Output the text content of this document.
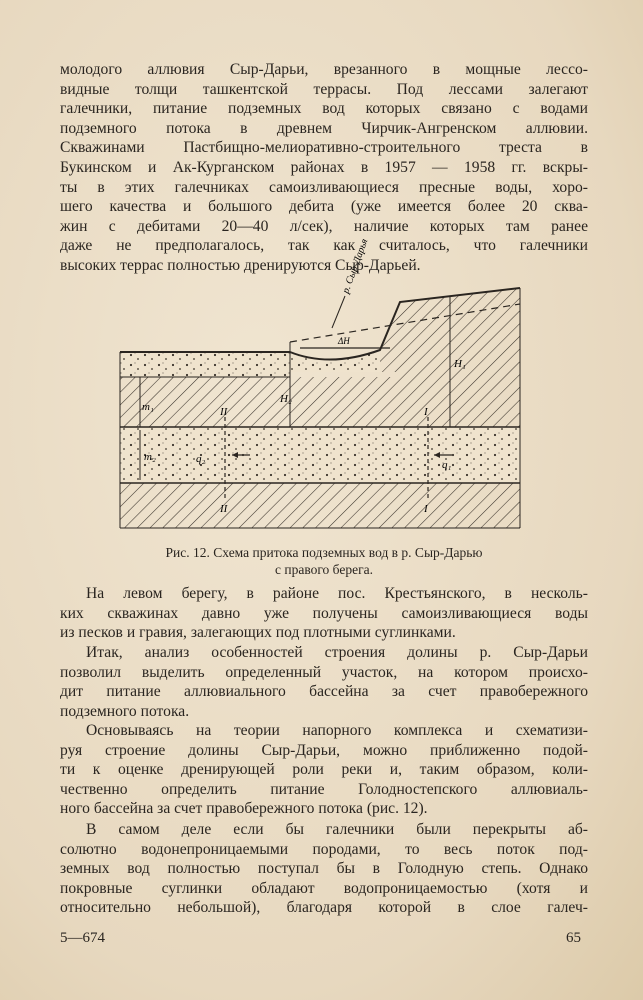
молодого аллювия Сыр-Дарьи, врезанного в мощные лессо-
видные толщи ташкентской террасы. Под лессами залегают
галечники, питание подземных вод которых связано с водами
подземного потока в древнем Чирчик-Ангренском аллювии.
Скважинами Пастбищно-мелиоративно-строительного треста в
Букинском и Ак-Курганском районах в 1957 — 1958 гг. вскры-
ты в этих галечниках самоизливающиеся пресные воды, хоро-
шего качества и большого дебита (уже имеется более 20 сква-
жин с дебитами 20—40 л/сек), наличие которых там ранее
даже не предполагалось, так как считалось, что галечники
высоких террас полностью дренируются Сыр-Дарьей.
р. Сыр-Дарья
ΔH
H₁
H₂
m₁
m₂
II
II
q₂
I
I
q₁
Рис. 12. Схема притока подземных вод в р. Сыр-Дарью
с правого берега.
На левом берегу, в районе пос. Крестьянского, в несколь-
ких скважинах давно уже получены самоизливающиеся воды
из песков и гравия, залегающих под плотными суглинками.
Итак, анализ особенностей строения долины р. Сыр-Дарьи
позволил выделить определенный участок, на котором происхо-
дит питание аллювиального бассейна за счет правобережного
подземного потока.
Основываясь на теории напорного комплекса и схематизи-
руя строение долины Сыр-Дарьи, можно приближенно подой-
ти к оценке дренирующей роли реки и, таким образом, коли-
чественно определить питание Голодностепского аллювиаль-
ного бассейна за счет правобережного потока (рис. 12).
В самом деле если бы галечники были перекрыты аб-
солютно водонепроницаемыми породами, то весь поток под-
земных вод полностью поступал бы в Голодную степь. Однако
покровные суглинки обладают водопроницаемостью (хотя и
относительно небольшой), благодаря которой в слое галеч-
5—674	65
